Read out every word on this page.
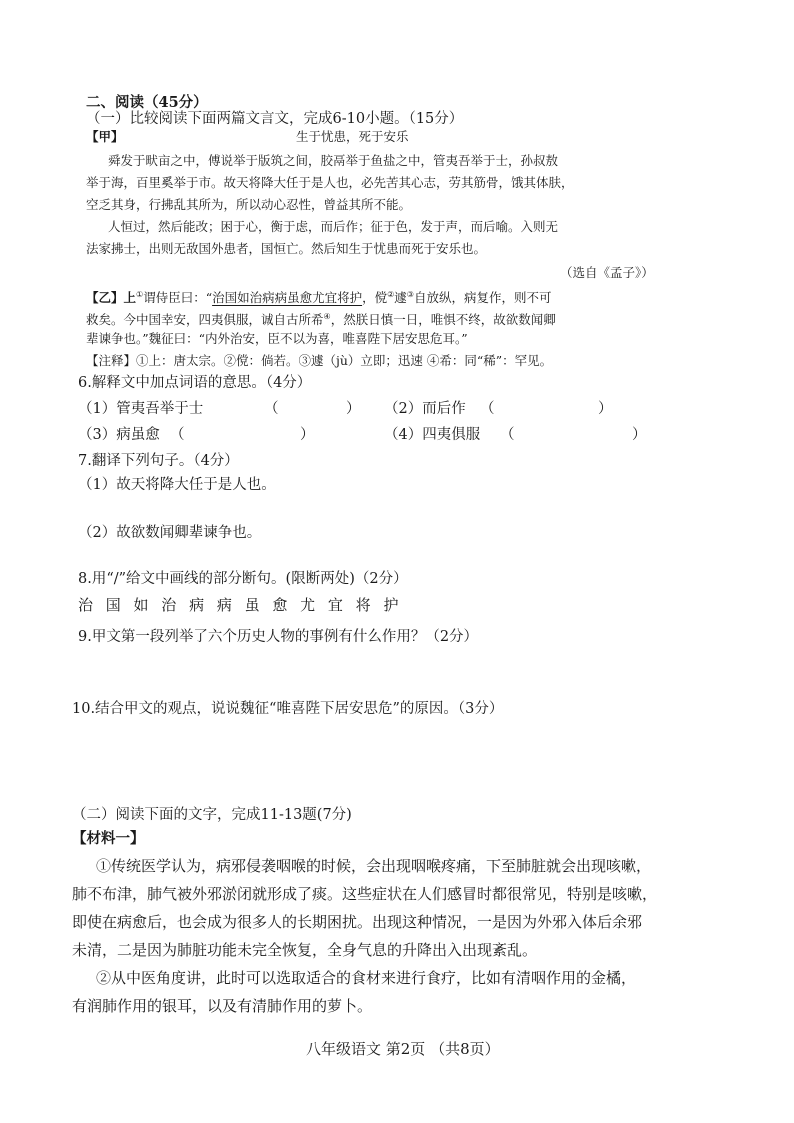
二、阅读（45分）
（一）比较阅读下面两篇文言文，完成6-10小题。（15分）
生于忧患，死于安乐
【甲】
舜发于畎亩之中，傅说举于版筑之间，胶鬲举于鱼盐之中，管夷吾举于士，孙叔敖
举于海，百里奚举于市。故天将降大任于是人也，必先苦其心志，劳其筋骨，饿其体肤，
空乏其身，行拂乱其所为，所以动心忍性，曾益其所不能。
人恒过，然后能改；困于心，衡于虑，而后作；征于色，发于声，而后喻。入则无
法家拂士，出则无敌国外患者，国恒亡。然后知生于忧患而死于安乐也。
（选自《孟子》）
【乙】上①谓侍臣曰：“治国如治病病虽愈尤宜将护，傥②遽③自放纵，病复作，则不可
救矣。今中国幸安，四夷俱服，诚自古所希④，然朕日慎一日，唯惧不终，故欲数闻卿
辈谏争也。”魏征曰：“内外治安，臣不以为喜，唯喜陛下居安思危耳。”
【注释】①上：唐太宗。②傥：倘若。③遽（jù）立即；迅速 ④希：同“稀”：罕见。
6.解释文中加点词语的意思。（4分）
（1）管夷吾举于士	（	） （2）而后作 （	）
（3）病虽愈 （	）	（4）四夷俱服 （	）
7.翻译下列句子。（4分）
（1）故天将降大任于是人也。
（2）故欲数闻卿辈谏争也。
8.用“/”给文中画线的部分断句。(限断两处)（2分）
治 国 如 治 病 病 虽 愈 尤 宜 将 护
9.甲文第一段列举了六个历史人物的事例有什么作用？（2分）
10.结合甲文的观点，说说魏征“唯喜陛下居安思危”的原因。（3分）
（二）阅读下面的文字，完成11-13题(7分)
【材料一】
①传统医学认为，病邪侵袭咽喉的时候，会出现咽喉疼痛，下至肺脏就会出现咳嗽，
肺不布津，肺气被外邪淤闭就形成了痰。这些症状在人们感冒时都很常见，特别是咳嗽，
即使在病愈后，也会成为很多人的长期困扰。出现这种情况，一是因为外邪入体后余邪
未清，二是因为肺脏功能未完全恢复，全身气息的升降出入出现紊乱。
②从中医角度讲，此时可以选取适合的食材来进行食疗，比如有清咽作用的金橘，
有润肺作用的银耳，以及有清肺作用的萝卜。
八年级语文 第2页 （共8页）
